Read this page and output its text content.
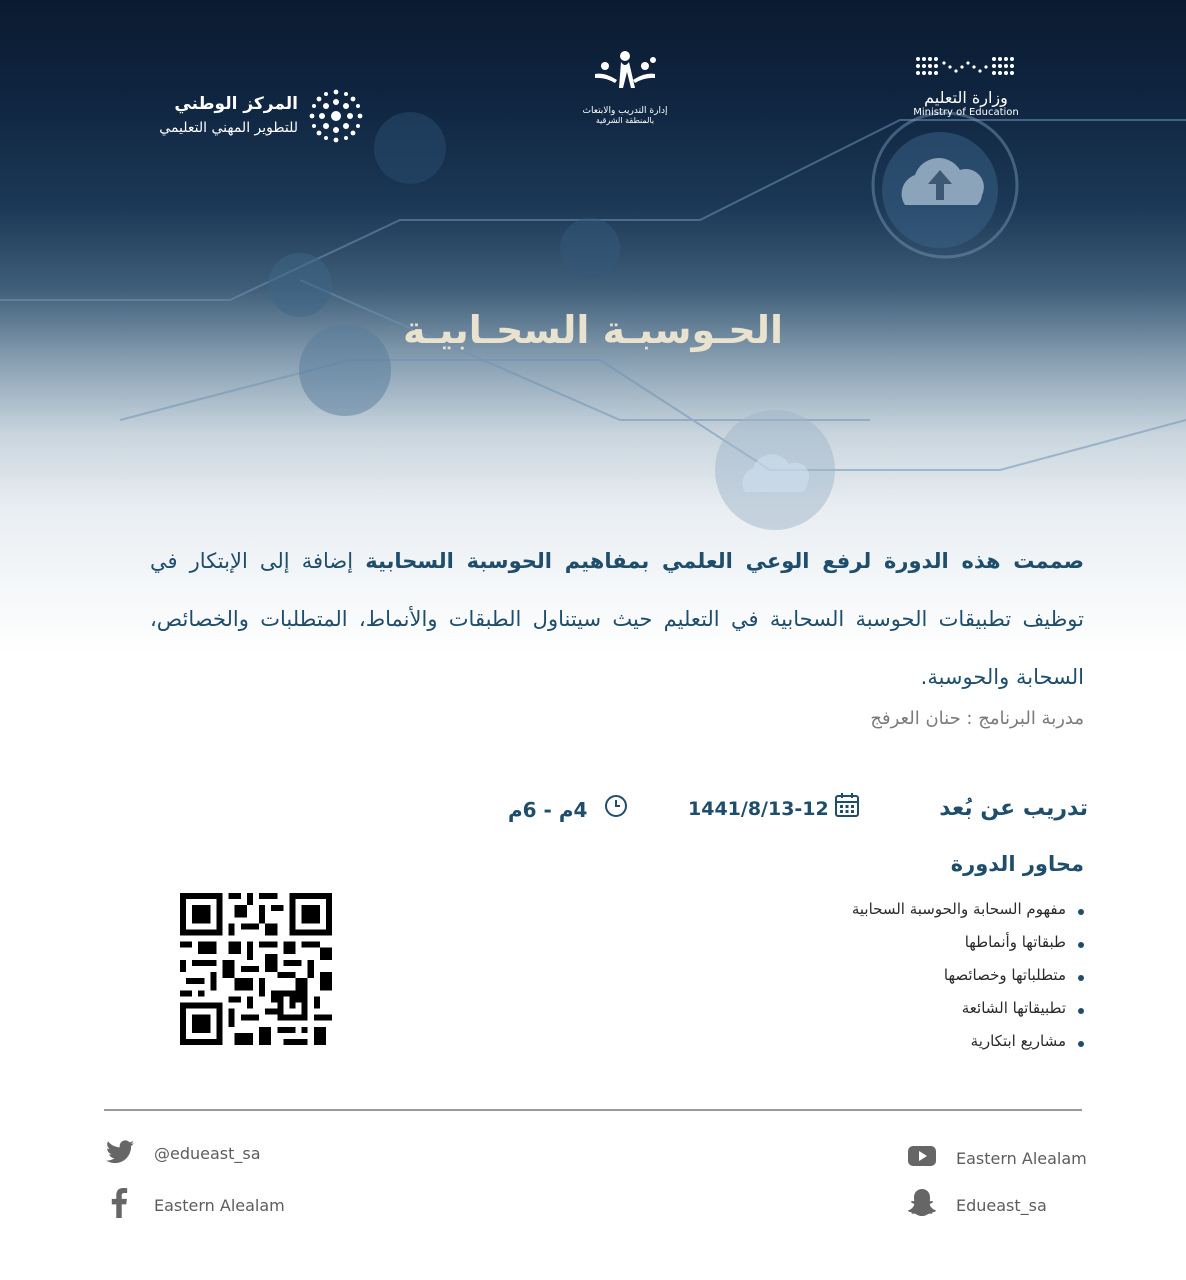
وزارة التعليم
Ministry of Education
إدارة التدريب والابتعاث
بالمنطقة الشرقية
المركز الوطني
للتطوير المهني التعليمي
الحـوسبـة السحـابيـة
صممت هذه الدورة لرفع الوعي العلمي بمفاهيم الحوسبة السحابية إضافة إلى الإبتكار في توظيف تطبيقات الحوسبة السحابية في التعليم حيث سيتناول الطبقات والأنماط، المتطلبات والخصائص، السحابة والحوسبة.
مدربة البرنامج : حنان العرفج
تدريب عن بُعد
1441/8/13-12
4م - 6م
محاور الدورة
مفهوم السحابة والحوسبة السحابية
طبقاتها وأنماطها
متطلباتها وخصائصها
تطبيقاتها الشائعة
مشاريع ابتكارية
@edueast_sa
Eastern Alealam
Eastern Alealam
Edueast_sa
